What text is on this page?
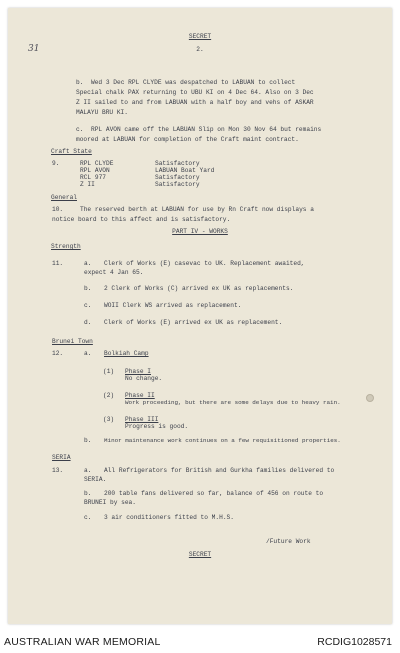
SECRET
31	2.
b. Wed 3 Dec RPL CLYDE was despatched to LABUAN to collect
Special chalk PAX returning to UBU KI on 4 Dec 64. Also on 3 Dec
Z II sailed to and from LABUAN with a half boy and vehs of ASKAR
MALAYU BRU KI.
c. RPL AVON came off the LABUAN Slip on Mon 30 Nov 64 but remains
moored at LABUAN for completion of the Craft maint contract.
Craft State
9.	RPL CLYDE	Satisfactory
RPL AVON	LABUAN Boat Yard
RCL 977	Satisfactory
Z II	Satisfactory
General
10.	The reserved berth at LABUAN for use by Rn Craft now displays a
notice board to this affect and is satisfactory.
PART IV - WORKS
Strength
11.	a. Clerk of Works (E) casevac to UK. Replacement awaited,
expect 4 Jan 65.
b. 2 Clerk of Works (C) arrived ex UK as replacements.
c. WOII Clerk WS arrived as replacement.
d. Clerk of Works (E) arrived ex UK as replacement.
Brunei Town
12.	a. Bolkiah Camp
(1) Phase I
No change.
(2) Phase II
Work proceeding, but there are some delays due to heavy rain.
(3) Phase III
Progress is good.
b. Minor maintenance work continues on a few requisitioned properties.
SERIA
13.	a. All Refrigerators for British and Gurkha families delivered to
SERIA.
b. 200 table fans delivered so far, balance of 456 on route to
BRUNEI by sea.
c. 3 air conditioners fitted to M.H.S.
/Future Work
SECRET
AUSTRALIAN WAR MEMORIAL	RCDIG1028571
